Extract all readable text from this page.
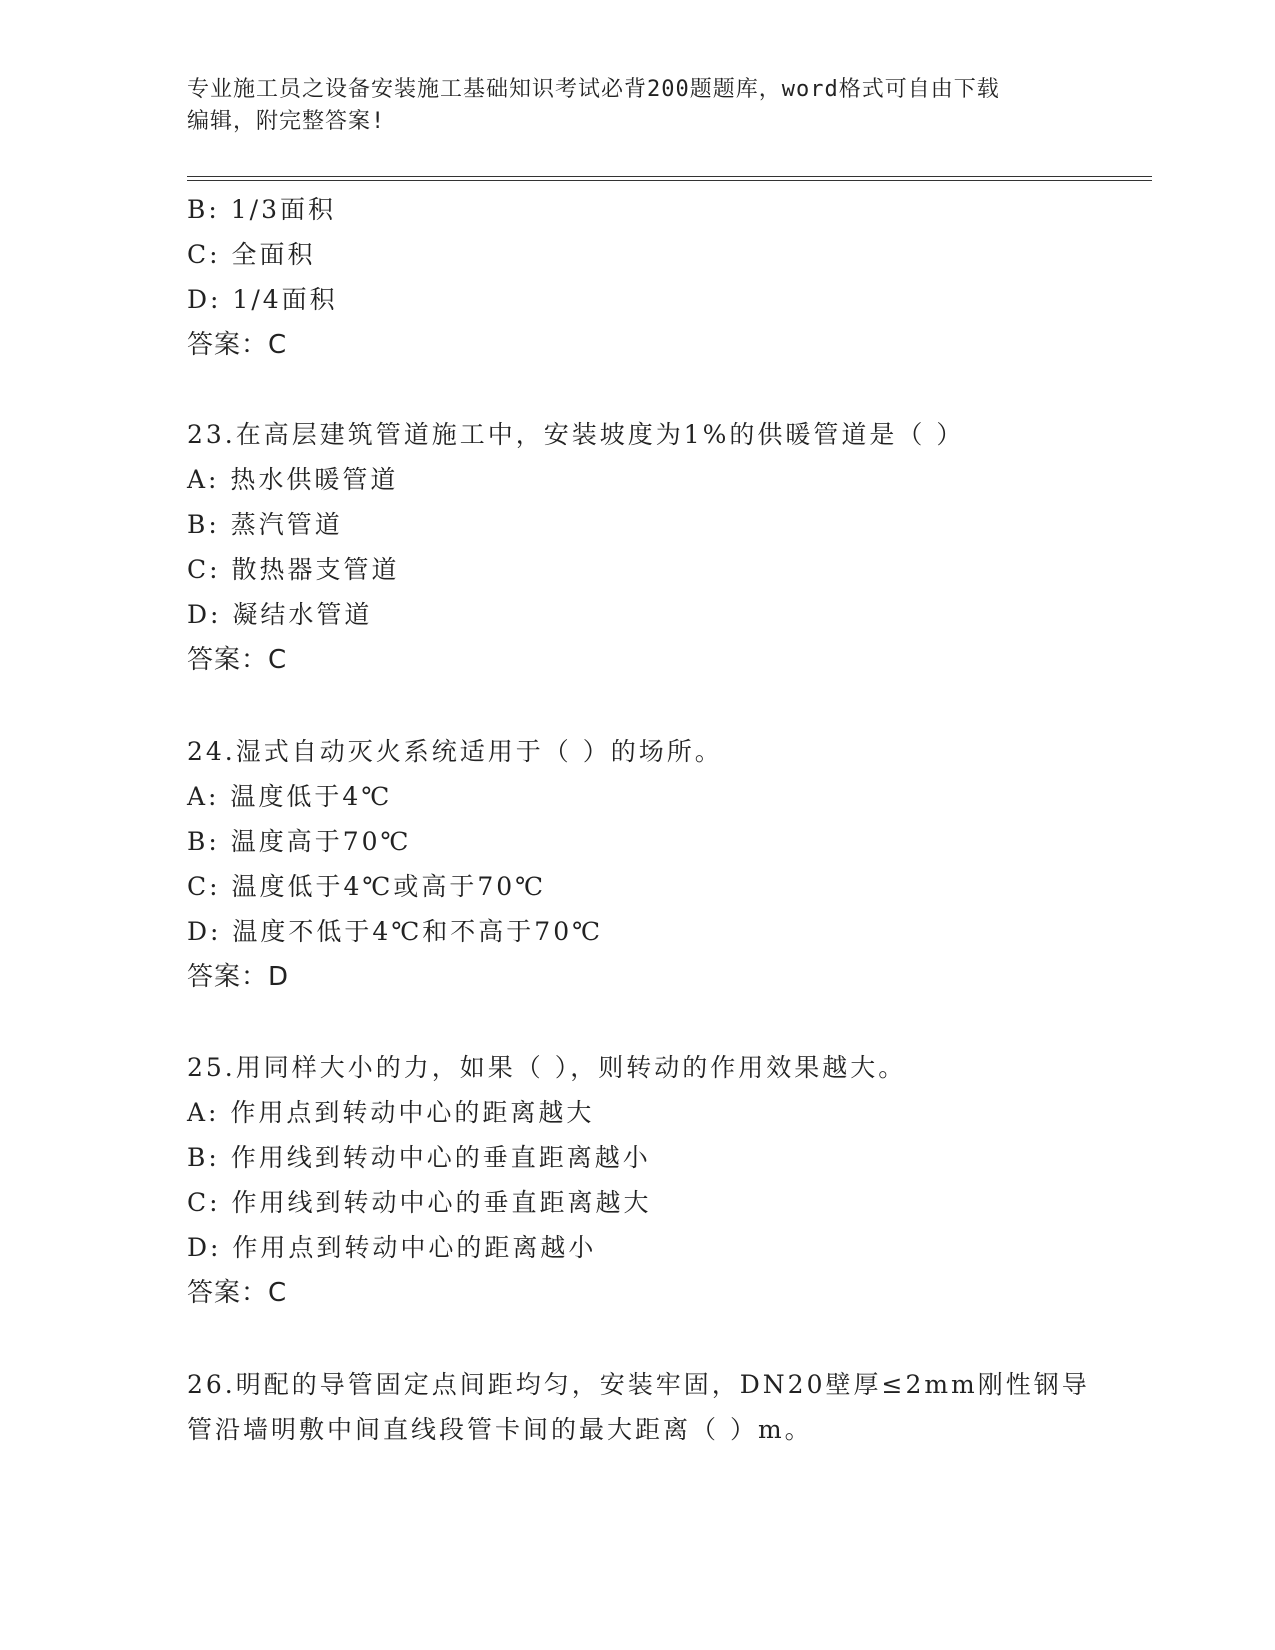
专业施工员之设备安装施工基础知识考试必背200题题库，word格式可自由下载
编辑，附完整答案!
B: 1/3面积
C: 全面积
D: 1/4面积
答案：C
23.在高层建筑管道施工中，安装坡度为1%的供暖管道是（ ）
A: 热水供暖管道
B: 蒸汽管道
C: 散热器支管道
D: 凝结水管道
答案：C
24.湿式自动灭火系统适用于（ ）的场所。
A: 温度低于4℃
B: 温度高于70℃
C: 温度低于4℃或高于70℃
D: 温度不低于4℃和不高于70℃
答案：D
25.用同样大小的力，如果（ ），则转动的作用效果越大。
A: 作用点到转动中心的距离越大
B: 作用线到转动中心的垂直距离越小
C: 作用线到转动中心的垂直距离越大
D: 作用点到转动中心的距离越小
答案：C
26.明配的导管固定点间距均匀，安装牢固，DN20壁厚≤2mm刚性钢导
管沿墙明敷中间直线段管卡间的最大距离（ ）m。
